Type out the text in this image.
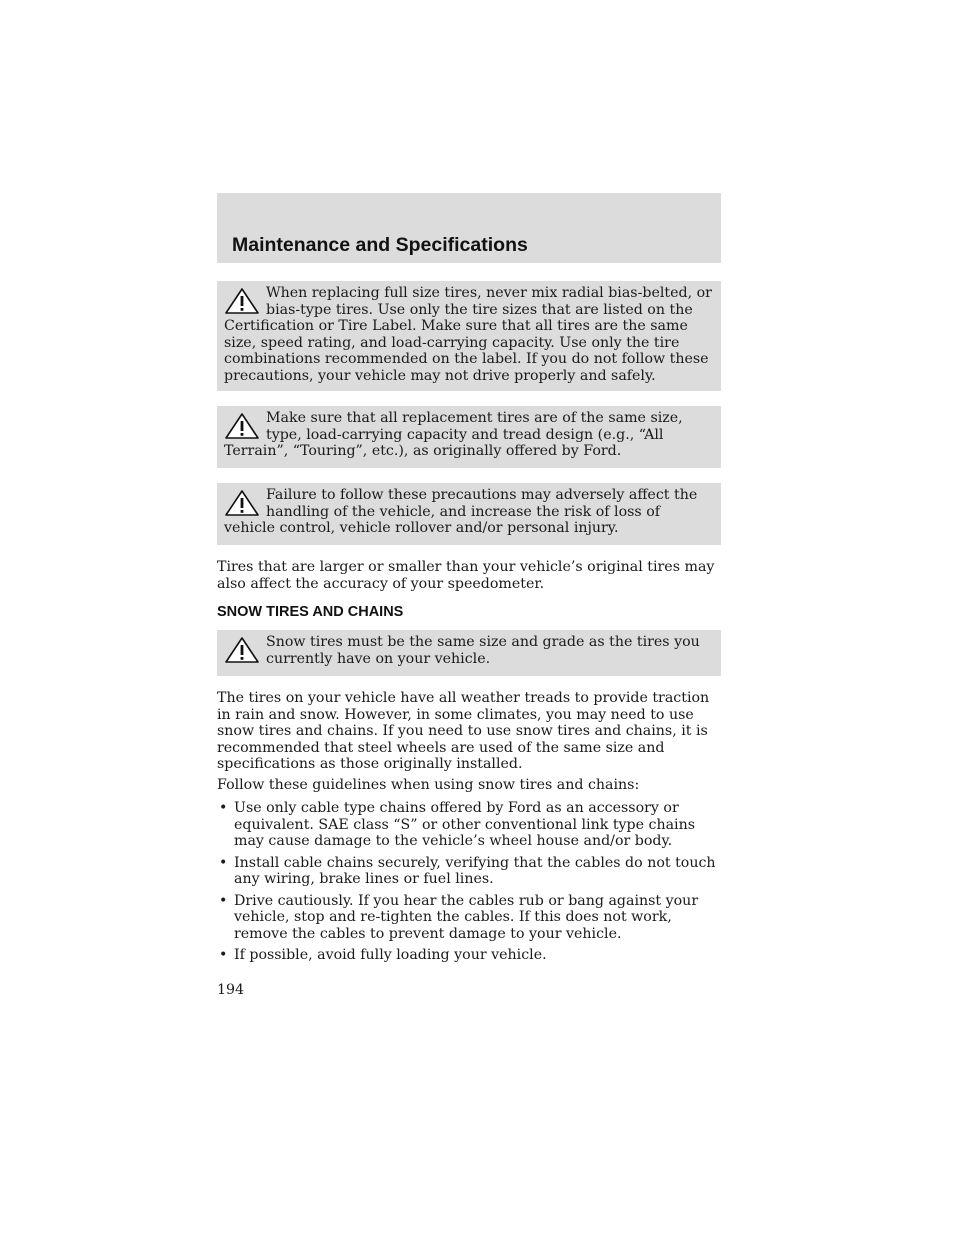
Maintenance and Specifications

When replacing full size tires, never mix radial bias-belted, or bias-type tires. Use only the tire sizes that are listed on the Certification or Tire Label. Make sure that all tires are the same size, speed rating, and load-carrying capacity. Use only the tire combinations recommended on the label. If you do not follow these precautions, your vehicle may not drive properly and safely.

Make sure that all replacement tires are of the same size, type, load-carrying capacity and tread design (e.g., “All Terrain”, “Touring”, etc.), as originally offered by Ford.

Failure to follow these precautions may adversely affect the handling of the vehicle, and increase the risk of loss of vehicle control, vehicle rollover and/or personal injury.

Tires that are larger or smaller than your vehicle’s original tires may also affect the accuracy of your speedometer.

SNOW TIRES AND CHAINS

Snow tires must be the same size and grade as the tires you currently have on your vehicle.

The tires on your vehicle have all weather treads to provide traction in rain and snow. However, in some climates, you may need to use snow tires and chains. If you need to use snow tires and chains, it is recommended that steel wheels are used of the same size and specifications as those originally installed.

Follow these guidelines when using snow tires and chains:

• Use only cable type chains offered by Ford as an accessory or equivalent. SAE class “S” or other conventional link type chains may cause damage to the vehicle’s wheel house and/or body.
• Install cable chains securely, verifying that the cables do not touch any wiring, brake lines or fuel lines.
• Drive cautiously. If you hear the cables rub or bang against your vehicle, stop and re-tighten the cables. If this does not work, remove the cables to prevent damage to your vehicle.
• If possible, avoid fully loading your vehicle.
194
